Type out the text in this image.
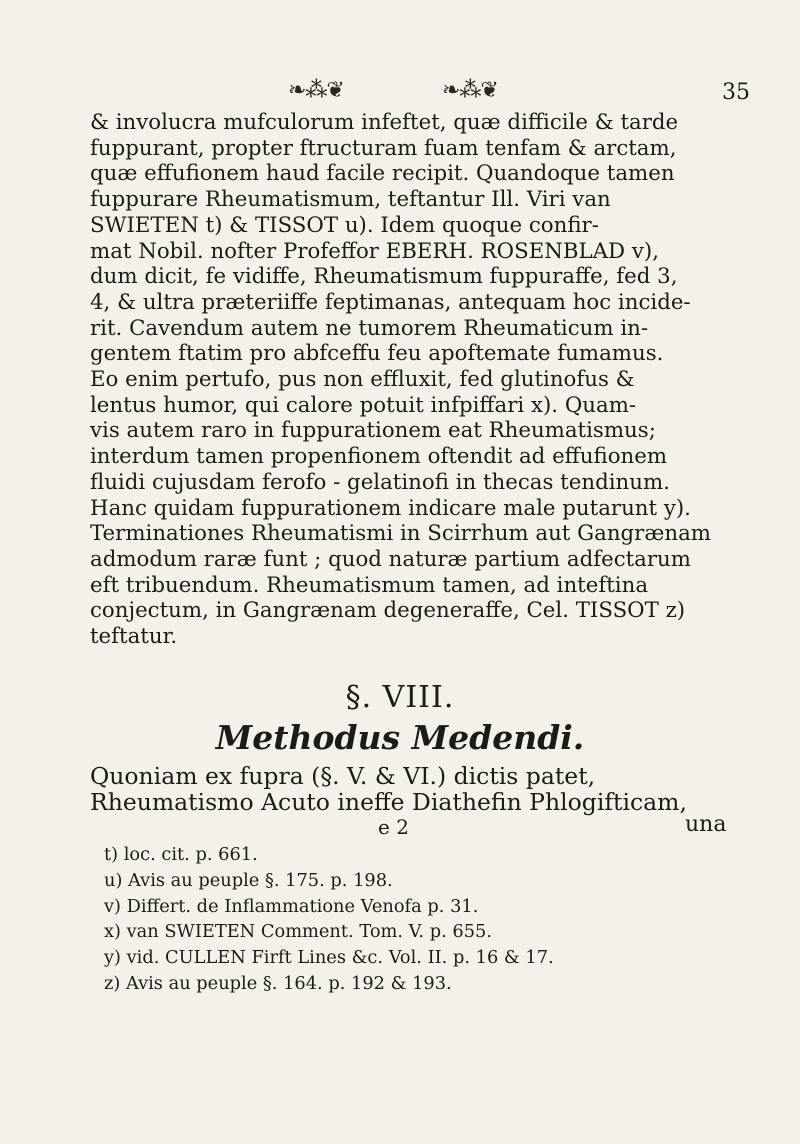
❧⁂❦	❧⁂❦	35
& involucra mufculorum infeftet, quæ difficile & tarde
fuppurant, propter ftructuram fuam tenfam & arctam,
quæ effufionem haud facile recipit. Quandoque tamen
fuppurare Rheumatismum, teftantur Ill. Viri van
SWIETEN t) & TISSOT u). Idem quoque confir-
mat Nobil. nofter Profeffor EBERH. ROSENBLAD v),
dum dicit, fe vidiffe, Rheumatismum fuppuraffe, fed 3,
4, & ultra præteriiffe feptimanas, antequam hoc incide-
rit. Cavendum autem ne tumorem Rheumaticum in-
gentem ftatim pro abfceffu feu apoftemate fumamus.
Eo enim pertufo, pus non effluxit, fed glutinofus &
lentus humor, qui calore potuit infpiffari x). Quam-
vis autem raro in fuppurationem eat Rheumatismus;
interdum tamen propenfionem oftendit ad effufionem
fluidi cujusdam ferofo - gelatinofi in thecas tendinum.
Hanc quidam fuppurationem indicare male putarunt y).
Terminationes Rheumatismi in Scirrhum aut Gangrænam
admodum raræ funt ; quod naturæ partium adfectarum
eft tribuendum. Rheumatismum tamen, ad inteftina
conjectum, in Gangrænam degeneraffe, Cel. TISSOT z)
teftatur.
§. VIII.
Methodus Medendi.
Quoniam ex fupra (§. V. & VI.) dictis patet,
Rheumatismo Acuto ineffe Diathefin Phlogifticam,
e 2	una
t) loc. cit. p. 661.
u) Avis au peuple §. 175. p. 198.
v) Differt. de Inflammatione Venofa p. 31.
x) van SWIETEN Comment. Tom. V. p. 655.
y) vid. CULLEN Firft Lines &c. Vol. II. p. 16 & 17.
z) Avis au peuple §. 164. p. 192 & 193.
